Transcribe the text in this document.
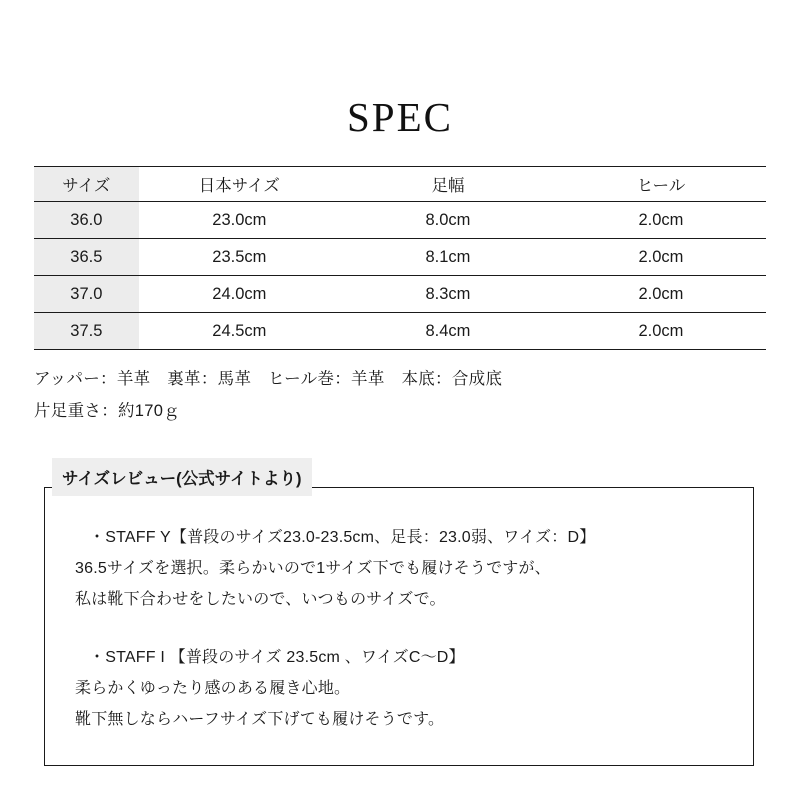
SPEC
サイズ	日本サイズ	足幅	ヒール
36.0	23.0cm	8.0cm	2.0cm
36.5	23.5cm	8.1cm	2.0cm
37.0	24.0cm	8.3cm	2.0cm
37.5	24.5cm	8.4cm	2.0cm
アッパー：羊革　裏革：馬革　ヒール巻：羊革　本底：合成底
片足重さ：約170ｇ
サイズレビュー(公式サイトより)
・STAFF Y【普段のサイズ23.0-23.5cm、足長：23.0弱、ワイズ：D】
36.5サイズを選択。柔らかいので1サイズ下でも履けそうですが、
私は靴下合わせをしたいので、いつものサイズで。
・STAFF I 【普段のサイズ 23.5cm 、ワイズC〜D】
柔らかくゆったり感のある履き心地。
靴下無しならハーフサイズ下げても履けそうです。
